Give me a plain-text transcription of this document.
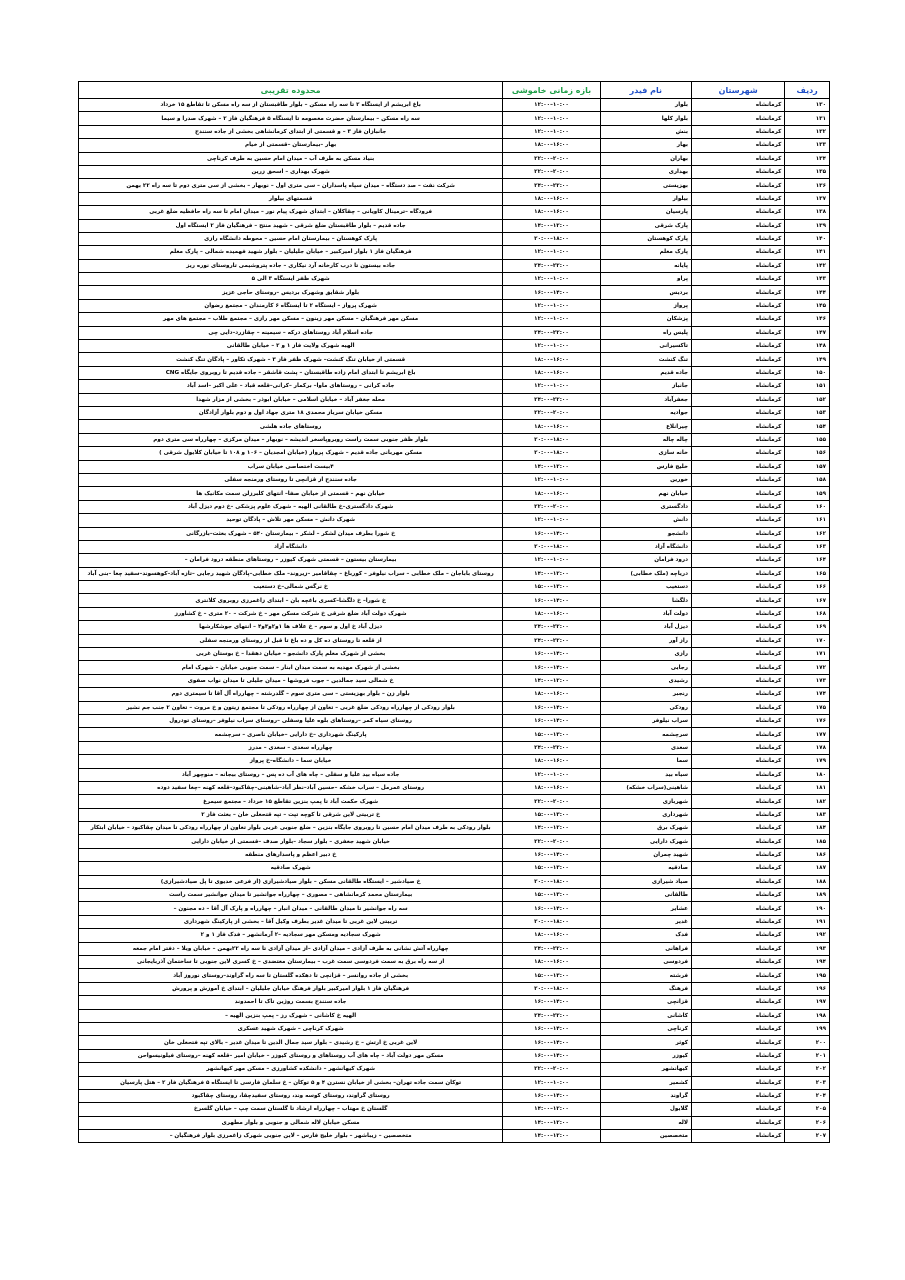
ردیف	شهرستان	نام فیدر	بازه زمانی خاموشی	محدوده تقریبی
۱۳۰	کرمانشاه	بلوار	۱۰:۰۰–۱۲:۰۰	باغ ابریشم از ایستگاه ۲ تا سه راه مسکن – بلوار طاقبستان از سه راه مسکن تا تقاطع ۱۵ خرداد
۱۳۱	کرمانشاه	بلوار کلها	۱۰:۰۰–۱۲:۰۰	سه راه مسکن – بیمارستان حضرت معصومه تا ایستگاه ۵ فرهنگیان فاز ۲ – شهرک صدرا و سیما
۱۳۲	کرمانشاه	بنش	۱۰:۰۰–۱۲:۰۰	جانبازان فاز ۳ – و قسمتی از ابتدای کرمانشاهی بخشی از جاده سنندج
۱۳۳	کرمانشاه	بهار	۱۶:۰۰–۱۸:۰۰	بهار –بیمارستان –قسمتی از خیام
۱۳۴	کرمانشاه	بهاران	۲۰:۰۰–۲۲:۰۰	بنیاد مسکن به طرف آب – میدان امام حسین به طرف کرناچی
۱۳۵	کرمانشاه	بهداری	۲۰:۰۰–۲۲:۰۰	شهرک بهداری – اسحق زرین
۱۳۶	کرمانشاه	بهزیستی	۲۲:۰۰–۲۴:۰۰	شرکت نفت – صد دستگاه – میدان سپاه پاسداران – سی متری اول – نوبهار – بخشی از سی متری دوم تا سه راه ۲۲ بهمن
۱۳۷	کرمانشاه	بیلوار	۱۶:۰۰–۱۸:۰۰	قسمتهای بیلوار
۱۳۸	کرمانشاه	پارسیان	۱۶:۰۰–۱۸:۰۰	فرودگاه –ترمینال کاویانی – چقاکلان – ابتدای شهرک پیام نور – میدان امام تا سه راه حافظیه ضلع غربی
۱۳۹	کرمانشاه	پارک شرقی	۱۲:۰۰–۱۴:۰۰	جاده قدیم – بلوار طاقبستان ضلع شرقی – شهید منتح – فرهنگیان فاز ۲ ایستگاه اول
۱۴۰	کرمانشاه	پارک کوهستان	۱۸:۰۰–۲۰:۰۰	پارک کوهستان – بیمارستان امام حسین – محوطه دانشگاه رازی
۱۴۱	کرمانشاه	پارک معلم	۱۰:۰۰–۱۲:۰۰	فرهنگیان فاز ۱ بلوار امیرکبیر – خیابان جلیلیان – بلوار شهید فهمیده شمالی – پارک معلم
۱۴۲	کرمانشاه	پایانه	۲۲:۰۰–۲۴:۰۰	جاده بیستون تا درب کارخانه آرد نیکاری – جاده پتروشیمی تاروستای نوره ریز
۱۴۳	کرمانشاه	پراو	۱۰:۰۰–۱۲:۰۰	شهرک ظفر ایستگاه ۳ الی ۵
۱۴۴	کرمانشاه	بردیس	۱۴:۰۰–۱۶:۰۰	بلوار شقایق وشهرک بردیس –روستای حاجی عزیز
۱۴۵	کرمانشاه	پرواز	۱۰:۰۰–۱۲:۰۰	شهرک پرواز – ایستگاه ۲ تا ایستگاه ۶ کارمندان – مجتمع رضوان
۱۴۶	کرمانشاه	پزشکان	۱۰:۰۰–۱۲:۰۰	مسکن مهر فرهنگیان – مسکن مهر زینون – مسکن مهر رازی – مجتمع طلاب – مجتمع های مهر
۱۴۷	کرمانشاه	پلیس راه	۲۲:۰۰–۲۴:۰۰	جاده اسلام آباد روستاهای درکه – سیمینه – چقازرد–دایی چی
۱۴۸	کرمانشاه	تاکسیرانی	۱۰:۰۰–۱۲:۰۰	الهیه شهرک ولایت فاز ۱ و ۲ – خیابان طالقانی
۱۴۹	کرمانشاه	تنگ کنشت	۱۶:۰۰–۱۸:۰۰	قسمتی از خیابان تنگ کنشت– شهرک ظفر فاز ۳ – شهرک تکاور – پادگان تنگ کنشت
۱۵۰	کرمانشاه	جاده قدیم	۱۶:۰۰–۱۸:۰۰	باغ ابریشم تا ابتدای امام زاده طاقبستان – پشت قاشقر – جاده قدیم تا روبروی جایگاه CNG
۱۵۱	کرمانشاه	جانباز	۱۰:۰۰–۱۲:۰۰	جاده کرانی – روستاهای ماوا– برکمار –کرانی–قلعه قباد – علی اکبر –اسد آباد
۱۵۲	کرمانشاه	جعفرآباد	۲۲:۰۰–۲۴:۰۰	محله جعفر آباد – خیابان اسلامی – خیابان ابوذر – بخشی از مزار شهدا
۱۵۳	کرمانشاه	جوادیه	۲۰:۰۰–۲۲:۰۰	مسکن خیابان سرباز محمدی ۱۸ متری جهاد اول و دوم بلوار آزادگان
۱۵۴	کرمانشاه	چیرانلاع	۱۶:۰۰–۱۸:۰۰	روستاهای جاده هلشی
۱۵۵	کرمانشاه	چاله چاله	۱۸:۰۰–۲۰:۰۰	بلوار ظفر جنوبی سمت راست روبروپاسخر اندیشه – نوبهار – میدان مرکزی – چهارراه سی متری دوم
۱۵۶	کرمانشاه	خانه سازی	۱۸:۰۰–۲۰:۰۰	مسکن مهربانی جاده قدیم – شهرک پرواز (خیابان امجدیان – ۱۰۶ و ۱۰۸ تا خیابان کلایول شرقی )
۱۵۷	کرمانشاه	خلیج فارس	۱۲:۰۰–۱۴:۰۰	۴بیست اختصاصی خیابان سراب
۱۵۸	کرمانشاه	خورین	۱۰:۰۰–۱۲:۰۰	جاده سنندج از قزانچی تا روستای ورمنجه سفلی
۱۵۹	کرمانشاه	خیابان نهم	۱۶:۰۰–۱۸:۰۰	خیابان نهم – قسمتی از خیابان صفا– انتهای کلبرزلن سمت مکانیک ها
۱۶۰	کرمانشاه	دادگستری	۲۰:۰۰–۲۲:۰۰	شهرک دادگستری–خ طالقانی الهیه – شهرک علوم پزشکی –خ دوم دیزل آباد
۱۶۱	کرمانشاه	دانش	۱۰:۰۰–۱۲:۰۰	شهرک دانش – مسکن مهر تلاش – پادگان توحید
۱۶۲	کرمانشاه	دانشجو	۱۴:۰۰–۱۶:۰۰	خ شورا بطرف میدان لشکر – لشکر – بیمارستان ۵۴۰ – شهرک بعثت–بازرگانی
۱۶۳	کرمانشاه	دانشگاه آزاد	۱۸:۰۰–۲۰:۰۰	دانشگاه آزاد
۱۶۴	کرمانشاه	درود فرامان	۱۰:۰۰–۱۲:۰۰	بیمارستان بیستون – قسمتی شهرک کیوزر – روستاهای منطقه درود فرامان –
۱۶۵	کرمانشاه	دریاچه (ملک خطابی)	۱۲:۰۰–۱۴:۰۰	روستای باباجان – ملک خطابی – سراب نیلوفر – کورباغ – چقاقامیر –زیروند– ملک خطابی–پادگان شهید رجایی –تازه آباد–کوهسوند–سفید چغا –بنی آباد
۱۶۶	کرمانشاه	دستغیب	۱۳:۰۰–۱۵:۰۰	خ نرگس شمالی–خ دستغیب
۱۶۷	کرمانشاه	دلگشا	۱۴:۰۰–۱۶:۰۰	خ شورا– خ دلگشا–کسری باغچه بان – ابتدای زاغمرزی روبروی کلانتری
۱۶۸	کرمانشاه	دولت آباد	۱۶:۰۰–۱۸:۰۰	شهرک دولت آباد ضلع شرقی خ شرکت مسکن مهر – خ شرکت – ۲۰ متری – خ کشاورز
۱۶۹	کرمانشاه	دیزل آباد	۲۲:۰۰–۲۴:۰۰	دیزل آباد خ اول و سوم – خ علاف ها ۱و۲و۳و۴ – انتهای جوشکارشها
۱۷۰	کرمانشاه	راز آور	۲۲:۰۰–۲۴:۰۰	از قلعه تا روستای ده کل و ده باغ تا قبل از روستای ورمنجه سفلی
۱۷۱	کرمانشاه	رازی	۱۴:۰۰–۱۶:۰۰	بخشی از شهرک معلم پارک دانشجو – خیابان دهقدا – خ بوستان غربی
۱۷۲	کرمانشاه	رجایی	۱۴:۰۰–۱۶:۰۰	بخشی از شهرک مهدیه به سمت میدان ابنار – سمت جنوبی خیابان – شهرک امام
۱۷۳	کرمانشاه	رشیدی	۱۲:۰۰–۱۴:۰۰	خ شمالی سید جمالدین – جوب فروشها – میدان جلیلی تا میدان نواب صفوی
۱۷۴	کرمانشاه	رنجبر	۱۶:۰۰–۱۸:۰۰	بلوار زن – بلوار بهزیستی – سی متری سوم – گلدرشته – چهارراه آل آقا تا سیمتری دوم
۱۷۵	کرمانشاه	رودکی	۱۴:۰۰–۱۶:۰۰	بلوار رودکی از چهارراه رودکی ضلع غربی – تعاون از چهارراه رودکی تا مجتمع زیتون و خ مروت – تعاون ۲ جنب جم نشیر
۱۷۶	کرمانشاه	سراب نیلوفر	۱۴:۰۰–۱۶:۰۰	روستای سیاه کمر –روستاهای بلوه علیا وسفلی –روستای سراب نیلوفر –روستای تودرول
۱۷۷	کرمانشاه	سرچشمه	۱۳:۰۰–۱۵:۰۰	پارکینگ شهرداری –خ دارایی –خیابان ناصری – سرچشمه
۱۷۸	کرمانشاه	سعدی	۲۲:۰۰–۲۴:۰۰	چهارراه سعدی – سعدی – مدرز
۱۷۹	کرمانشاه	سما	۱۶:۰۰–۱۸:۰۰	خیابان سما – دانشگاه–خ پرواز
۱۸۰	کرمانشاه	سیاه بید	۱۰:۰۰–۱۲:۰۰	جاده سیاه بید علیا و سفلی – چاه های آب ده پس – روستای بیجانه – منوچهر آباد
۱۸۱	کرمانشاه	شاهینی(سراب خشکه)	۱۶:۰۰–۱۸:۰۰	روستای عمرمل – سراب خشکه –حسین آباد–نظر آباد–شاهینی–چقاکبود–قلعه کهنه –چغا سفید دوده
۱۸۲	کرمانشاه	شهربازی	۲۰:۰۰–۲۲:۰۰	شهرک حکمت آباد تا پمپ بنزین تقاطع ۱۵ خرداد – مجتمع سیمرغ
۱۸۳	کرمانشاه	شهرداری	۱۳:۰۰–۱۵:۰۰	خ تربیتی لاین شرقی تا کوچه تپت – تپه قتحعلی خان – بعثت فاز ۲
۱۸۴	کرمانشاه	شهرک برق	۱۲:۰۰–۱۴:۰۰	بلوار رودکی به طرف میدان امام حسین تا روبروی جایگاه بنزین – ضلع جنوبی غربی بلوار تعاون از چهارراه رودکی تا میدان چقاکبود – خیابان ابتکار
۱۸۵	کرمانشاه	شهرک دارایی	۲۰:۰۰–۲۲:۰۰	خیابان شهید جعفری – بلوار سجاد –بلوار صدف –قسمتی از خیابان دارایی
۱۸۶	کرمانشاه	شهید چمران	۱۴:۰۰–۱۶:۰۰	خ دبیر اعظم و پاسدارهای منطقه
۱۸۷	کرمانشاه	صادقیه	۱۳:۰۰–۱۵:۰۰	شهرک صادقیه
۱۸۸	کرمانشاه	صیاد شیرازی	۱۸:۰۰–۲۰:۰۰	خ صیادشیر – ایستگاه طالقانی مسکن – بلوار صیادشیرازی (از فرعی خدیوی تا پل صیادشیرازی)
۱۸۹	کرمانشاه	طالقانی	۱۳:۰۰–۱۵:۰۰	بیمارستان محمد کرمانشاهی – مصوری – چهارراه جوانشیر تا میدان جوانشیر سمت راست
۱۹۰	کرمانشاه	عشایر	۱۴:۰۰–۱۶:۰۰	سه راه جوانشیر تا میدان طالقانی – میدان انبار – چهارراه و پارک آل آقا – ده مجنون –
۱۹۱	کرمانشاه	غدیر	۱۸:۰۰–۲۰:۰۰	تربیتی لاین غربی تا میدان غدیر بطرف وکیل آقا – بخشی از پارکینگ شهرداری
۱۹۲	کرمانشاه	فدک	۱۶:۰۰–۱۸:۰۰	شهرک سجادیه ومسکن مهر سجادیه –۲ آرمانشهر – فدک فاز ۱ و ۲
۱۹۳	کرمانشاه	فراهانی	۲۲:۰۰–۲۴:۰۰	چهارراه آتش نشانی به طرف آزادی – میدان آزادی –از میدان آزادی تا سه راه ۲۲بهمن – خیابان ویلا – دفتر امام جمعه
۱۹۴	کرمانشاه	فردوسی	۱۶:۰۰–۱۸:۰۰	از سه راه برق به سمت فردوسی سمت غرب – بیمارستان معتضدی – خ کسری لاین جنوبی تا ساختمان آذربایجانی
۱۹۵	کرمانشاه	فرشته	۱۳:۰۰–۱۵:۰۰	بخشی از جاده روانسر – قزانچی تا دهکده گلستان تا سه راه گراوند–روستای نوروز آباد
۱۹۶	کرمانشاه	فرهنگ	۱۸:۰۰–۲۰:۰۰	فرهنگیان فاز ۱ بلوار امیرکبیر بلوار فرهنگ خیابان جلیلیان – ابتدای خ آموزش و پرورش
۱۹۷	کرمانشاه	قزانچی	۱۴:۰۰–۱۶:۰۰	جاده سنندج بسمت روژین تاک تا احمدوند
۱۹۸	کرمانشاه	کاشانی	۲۲:۰۰–۲۴:۰۰	الهیه خ کاشانی – شهرک رز – پمپ بنزین الهیه –
۱۹۹	کرمانشاه	کرناچی	۱۴:۰۰–۱۶:۰۰	شهرک کرناچی – شهرک شهید عسکری
۲۰۰	کرمانشاه	کوثر	۱۴:۰۰–۱۶:۰۰	لاین غربی خ ارتش – خ رشیدی – بلوار سید جمال الدین تا میدان غدیر – بالای تپه فتحعلی خان
۲۰۱	کرمانشاه	کیوزر	۱۴:۰۰–۱۶:۰۰	مسکن مهر دولت آباد – چاه های آب روستاهای و روستای کیوزر – خیابان امیر –قلعه کهنه –روستای فیلونیسواحن
۲۰۲	کرمانشاه	کیهانشهر	۲۰:۰۰–۲۲:۰۰	شهرک کیهانشهر – دانشکده کشاورزی – مسکن مهر کیهانشهر
۲۰۳	کرمانشاه	کشمیر	۱۰:۰۰–۱۲:۰۰	توکان سمت جاده تهران– بخشی از خیابان نسترن ۴ و ۵ توکان – خ سلمان فارسی تا ایستگاه ۵ فرهنگیان فاز ۲ – هتل پارسیان
۲۰۴	کرمانشاه	گراوند	۱۴:۰۰–۱۶:۰۰	روستای گراوند، روستای کوسه وند، روستای سفیدچقا، روستای چقاکبود
۲۰۵	کرمانشاه	گلایول	۱۲:۰۰–۱۴:۰۰	گلستان خ مهتاب – چهارراه ارشاد تا گلستان سمت چپ – خیابان گلسرخ
۲۰۶	کرمانشاه	لاله	۱۲:۰۰–۱۴:۰۰	مسکن خیابان لاله شمالی و جنوبی و بلوار مطهری
۲۰۷	کرمانشاه	متخصصین	۱۲:۰۰–۱۴:۰۰	متخصصین – زیباشهر – بلوار خلیج فارس – لاین جنوبی شهرک زاغمرزی بلوار فرهنگیان –
